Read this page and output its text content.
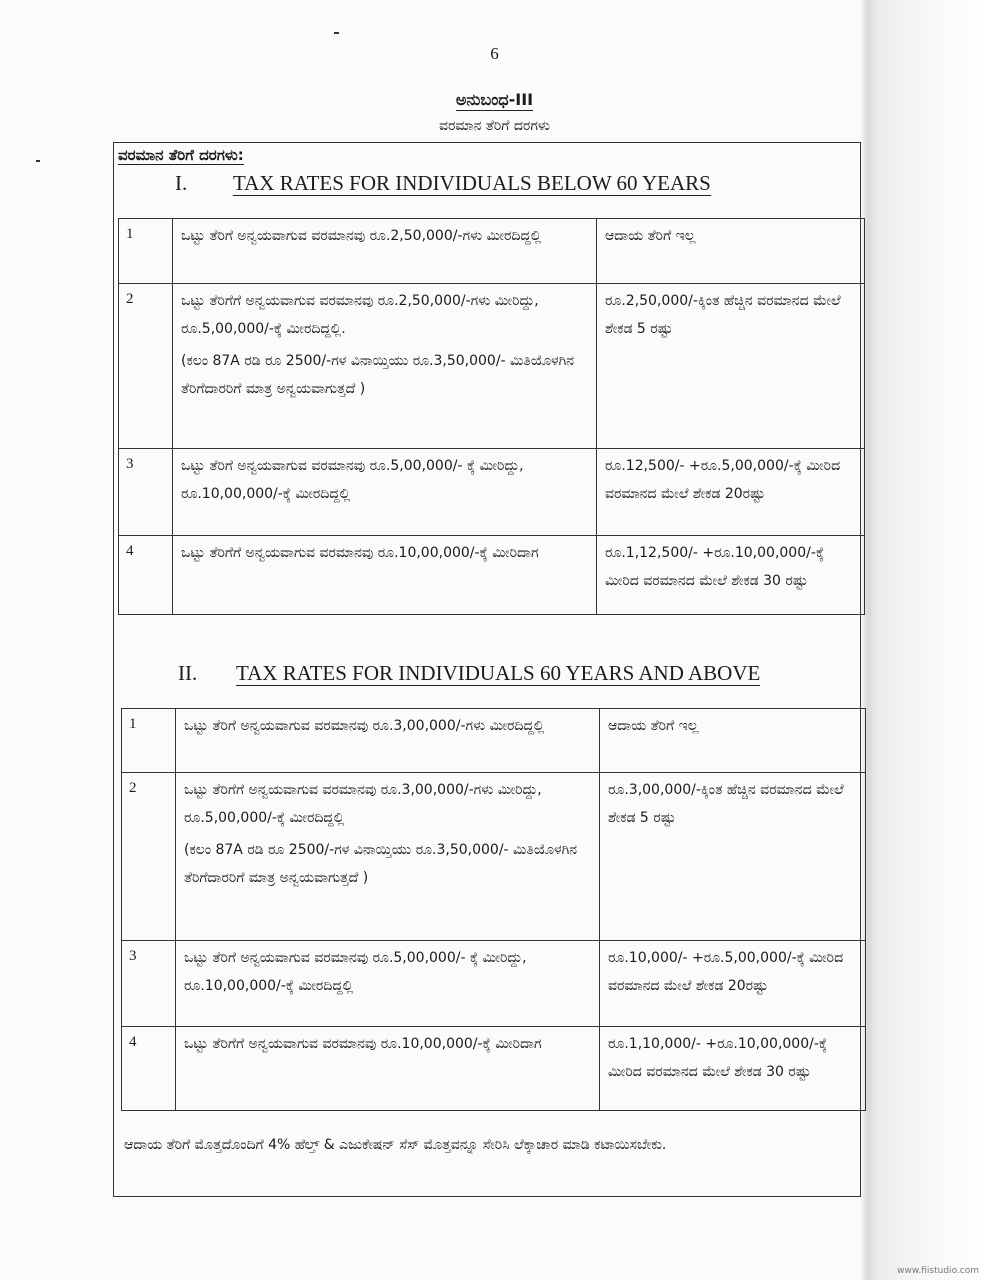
6
ಅನುಬಂಧ-III
ವರಮಾನ ತೆರಿಗೆ ದರಗಳು
ವರಮಾನ ತೆರಿಗೆ ದರಗಳು:
I. TAX RATES FOR INDIVIDUALS BELOW 60 YEARS
1	ಒಟ್ಟು ತೆರಿಗೆ ಅನ್ವಯವಾಗುವ ವರಮಾನವು ರೂ.2,50,000/-ಗಳು ಮೀರದಿದ್ದಲ್ಲಿ	ಆದಾಯ ತೆರಿಗೆ ಇಲ್ಲ
2	ಒಟ್ಟು ತೆರಿಗೆಗೆ ಅನ್ವಯವಾಗುವ ವರಮಾನವು ರೂ.2,50,000/-ಗಳು ಮೀರಿದ್ದು, ರೂ.5,00,000/-ಕ್ಕೆ ಮೀರದಿದ್ದಲ್ಲಿ.
(ಕಲಂ 87A ರಡಿ ರೂ 2500/-ಗಳ ವಿನಾಯ್ತಿಯು ರೂ.3,50,000/- ಮಿತಿಯೊಳಗಿನ ತೆರಿಗೆದಾರರಿಗೆ ಮಾತ್ರ ಅನ್ವಯವಾಗುತ್ತದೆ )	ರೂ.2,50,000/-ಕ್ಕಿಂತ ಹೆಚ್ಚಿನ ವರಮಾನದ ಮೇಲೆ ಶೇಕಡ 5 ರಷ್ಟು
3	ಒಟ್ಟು ತೆರಿಗೆ ಅನ್ವಯವಾಗುವ ವರಮಾನವು ರೂ.5,00,000/- ಕ್ಕೆ ಮೀರಿದ್ದು, ರೂ.10,00,000/-ಕ್ಕೆ ಮೀರದಿದ್ದಲ್ಲಿ	ರೂ.12,500/- +ರೂ.5,00,000/-ಕ್ಕೆ ಮೀರಿದ ವರಮಾನದ ಮೇಲೆ ಶೇಕಡ 20ರಷ್ಟು
4	ಒಟ್ಟು ತೆರಿಗೆಗೆ ಅನ್ವಯವಾಗುವ ವರಮಾನವು ರೂ.10,00,000/-ಕ್ಕೆ ಮೀರಿದಾಗ	ರೂ.1,12,500/- +ರೂ.10,00,000/-ಕ್ಕೆ ಮೀರಿದ ವರಮಾನದ ಮೇಲೆ ಶೇಕಡ 30 ರಷ್ಟು
II. TAX RATES FOR INDIVIDUALS 60 YEARS AND ABOVE
1	ಒಟ್ಟು ತೆರಿಗೆ ಅನ್ವಯವಾಗುವ ವರಮಾನವು ರೂ.3,00,000/-ಗಳು ಮೀರದಿದ್ದಲ್ಲಿ	ಆದಾಯ ತೆರಿಗೆ ಇಲ್ಲ
2	ಒಟ್ಟು ತೆರಿಗೆಗೆ ಅನ್ವಯವಾಗುವ ವರಮಾನವು ರೂ.3,00,000/-ಗಳು ಮೀರಿದ್ದು, ರೂ.5,00,000/-ಕ್ಕೆ ಮೀರದಿದ್ದಲ್ಲಿ
(ಕಲಂ 87A ರಡಿ ರೂ 2500/-ಗಳ ವಿನಾಯ್ತಿಯು ರೂ.3,50,000/- ಮಿತಿಯೊಳಗಿನ ತೆರಿಗೆದಾರರಿಗೆ ಮಾತ್ರ ಅನ್ವಯವಾಗುತ್ತದೆ )	ರೂ.3,00,000/-ಕ್ಕಿಂತ ಹೆಚ್ಚಿನ ವರಮಾನದ ಮೇಲೆ ಶೇಕಡ 5 ರಷ್ಟು
3	ಒಟ್ಟು ತೆರಿಗೆ ಅನ್ವಯವಾಗುವ ವರಮಾನವು ರೂ.5,00,000/- ಕ್ಕೆ ಮೀರಿದ್ದು, ರೂ.10,00,000/-ಕ್ಕೆ ಮೀರದಿದ್ದಲ್ಲಿ	ರೂ.10,000/- +ರೂ.5,00,000/-ಕ್ಕೆ ಮೀರಿದ ವರಮಾನದ ಮೇಲೆ ಶೇಕಡ 20ರಷ್ಟು
4	ಒಟ್ಟು ತೆರಿಗೆಗೆ ಅನ್ವಯವಾಗುವ ವರಮಾನವು ರೂ.10,00,000/-ಕ್ಕೆ ಮೀರಿದಾಗ	ರೂ.1,10,000/- +ರೂ.10,00,000/-ಕ್ಕೆ ಮೀರಿದ ವರಮಾನದ ಮೇಲೆ ಶೇಕಡ 30 ರಷ್ಟು
ಆದಾಯ ತೆರಿಗೆ ಮೊತ್ತದೊಂದಿಗೆ 4% ಹೆಲ್ತ್ & ಎಜುಕೇಷನ್ ಸೆಸ್ ಮೊತ್ತವನ್ನೂ ಸೇರಿಸಿ ಲೆಕ್ಕಾಚಾರ ಮಾಡಿ ಕಟಾಯಿಸಬೇಕು.
www.fiistudio.com
